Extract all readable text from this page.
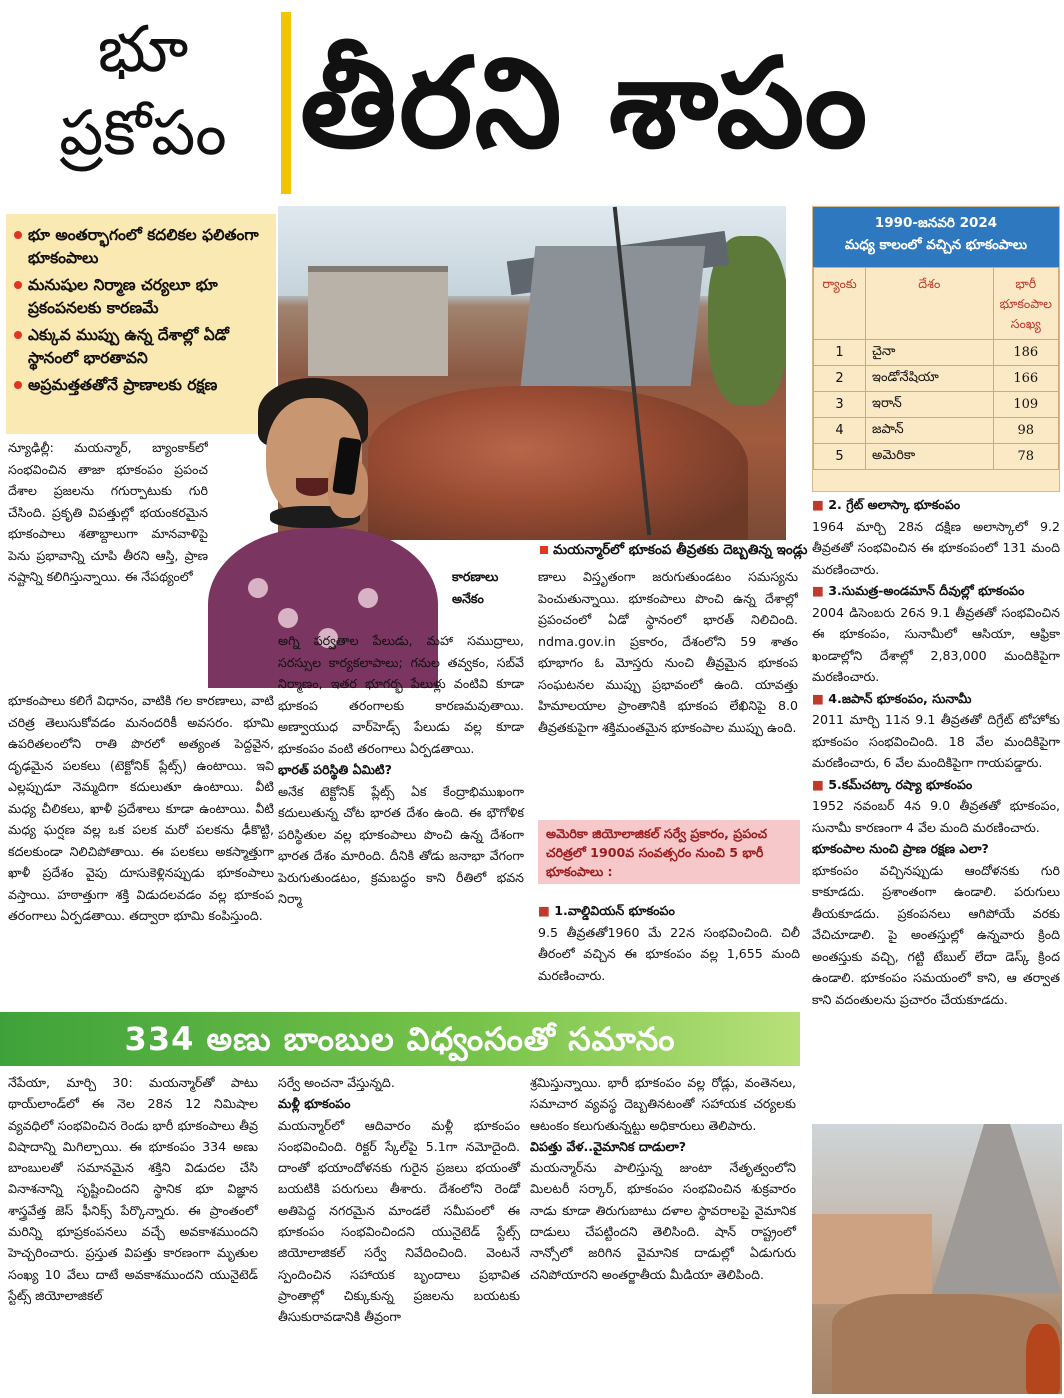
భూ
ప్రకోపం తీరని శాపం
భూ అంతర్భాగంలో కదలికల ఫలితంగా భూకంపాలు
మనుషుల నిర్మాణ చర్యలూ భూ ప్రకంపనలకు కారణమే
ఎక్కువ ముప్పు ఉన్న దేశాల్లో ఏడో స్థానంలో భారతావని
అప్రమత్తతతోనే ప్రాణాలకు రక్షణ

న్యూఢిల్లీ: మయన్మార్, బ్యాంకాక్‌లో సంభవించిన తాజా భూకంపం ప్రపంచ దేశాల ప్రజలను గగుర్పాటుకు గురి చేసింది. ప్రకృతి విపత్తుల్లో భయంకరమైన భూకంపాలు శతాబ్దాలుగా మానవాళిపై పెను ప్రభావాన్ని చూపి తీరని ఆస్తి, ప్రాణ నష్టాన్ని కలిగిస్తున్నాయి. ఈ నేపథ్యంలో

భూకంపాలు కలిగే విధానం, వాటికి గల కారణాలు, వాటి చరిత్ర తెలుసుకోవడం మనందరికీ అవసరం. భూమి ఉపరితలంలోని రాతి పొరలో అత్యంత పెద్దవైన, దృఢమైన పలకలు (టెక్టోనిక్ ప్లేట్స్) ఉంటాయి. ఇవి ఎల్లప్పుడూ నెమ్మదిగా కదులుతూ ఉంటాయి. వీటి మధ్య చీలికలు, ఖాళీ ప్రదేశాలు కూడా ఉంటాయి. వీటి మధ్య ఘర్షణ వల్ల ఒక పలక మరో పలకను ఢీకొట్టి, కదలకుండా నిలిచిపోతాయి. ఈ పలకలు అకస్మాత్తుగా ఖాళీ ప్రదేశం వైపు దూసుకెళ్లినప్పుడు భూకంపాలు వస్తాయి. హఠాత్తుగా శక్తి విడుదలవడం వల్ల భూకంప తరంగాలు ఏర్పడతాయి. తద్వారా భూమి కంపిస్తుంది.

మయన్మార్‌లో భూకంప తీవ్రతకు దెబ్బతిన్న ఇండ్లు
1990-జనవరి 2024
మధ్య కాలంలో వచ్చిన భూకంపాలు
ర్యాంకు	దేశం	భారీ భూకంపాల సంఖ్య
1	చైనా	186
2	ఇండోనేషియా	166
3	ఇరాన్	109
4	జపాన్	98
5	అమెరికా	78

కారణాలు అనేకం

అగ్ని పర్వతాల పేలుడు, మహా సముద్రాలు, సరస్సుల కార్యకలాపాలు; గనుల తవ్వకం, సబ్‌వే నిర్మాణం, ఇతర భూగర్భ పేలుళ్లు వంటివి కూడా భూకంప తరంగాలకు కారణమవుతాయి. అణ్వాయుధ వార్‌హెడ్స్ పేలుడు వల్ల కూడా భూకంపం వంటి తరంగాలు ఏర్పడతాయి.

భారత్ పరిస్థితి ఏమిటి?

అనేక టెక్టోనిక్ ప్లేట్స్ ఏక కేంద్రాభిముఖంగా కదులుతున్న చోట భారత దేశం ఉంది. ఈ భౌగోళిక పరిస్థితుల వల్ల భూకంపాలు పొంచి ఉన్న దేశంగా భారత దేశం మారింది. దీనికి తోడు జనాభా వేగంగా పెరుగుతుండటం, క్రమబద్ధం కాని రీతిలో భవన నిర్మా

ణాలు విస్తృతంగా జరుగుతుండటం సమస్యను పెంచుతున్నాయి. భూకంపాలు పొంచి ఉన్న దేశాల్లో ప్రపంచంలో ఏడో స్థానంలో భారత్ నిలిచింది. ndma.gov.in ప్రకారం, దేశంలోని 59 శాతం భూభాగం ఓ మోస్తరు నుంచి తీవ్రమైన భూకంప సంఘటనల ముప్పు ప్రభావంలో ఉంది. యావత్తు హిమాలయాల ప్రాంతానికి భూకంప లేఖినిపై 8.0 తీవ్రతకుపైగా శక్తిమంతమైన భూకంపాల ముప్పు ఉంది.

అమెరికా జియోలాజికల్ సర్వే ప్రకారం, ప్రపంచ చరిత్రలో 1900వ సంవత్సరం నుంచి 5 భారీ భూకంపాలు :

■ 1.వాల్డివియన్ భూకంపం

9.5 తీవ్రతతో1960 మే 22న సంభవించింది. చిలీ తీరంలో వచ్చిన ఈ భూకంపం వల్ల 1,655 మంది మరణించారు.

■ 2. గ్రేట్ అలాస్కా భూకంపం

1964 మార్చి 28న దక్షిణ అలాస్కాలో 9.2 తీవ్రతతో సంభవించిన ఈ భూకంపంలో 131 మంది మరణించారు.

■ 3.సుమత్ర-అండమాన్ దీవుల్లో భూకంపం

2004 డిసెంబరు 26న 9.1 తీవ్రతతో సంభవించిన ఈ భూకంపం, సునామీలో ఆసియా, ఆఫ్రికా ఖండాల్లోని దేశాల్లో 2,83,000 మందికిపైగా మరణించారు.

■ 4.జపాన్ భూకంపం, సునామీ

2011 మార్చి 11న 9.1 తీవ్రతతో దిగ్రేట్ టోహోకు భూకంపం సంభవించింది. 18 వేల మందికిపైగా మరణించారు, 6 వేల మందికిపైగా గాయపడ్డారు.

■ 5.కమ్‌చట్కా రష్యా భూకంపం

1952 నవంబర్ 4న 9.0 తీవ్రతతో భూకంపం, సునామీ కారణంగా 4 వేల మంది మరణించారు.

భూకంపాల నుంచి ప్రాణ రక్షణ ఎలా?

భూకంపం వచ్చినప్పుడు ఆందోళనకు గురి కాకూడదు. ప్రశాంతంగా ఉండాలి. పరుగులు తీయకూడదు. ప్రకంపనలు ఆగిపోయే వరకు వేచిచూడాలి. పై అంతస్తుల్లో ఉన్నవారు క్రింది అంతస్తుకు వచ్చి, గట్టి టేబుల్ లేదా డెస్క్ క్రింద ఉండాలి. భూకంపం సమయంలో కాని, ఆ తర్వాత కాని వదంతులను ప్రచారం చేయకూడదు.

334 అణు బాంబుల విధ్వంసంతో సమానం

నేపేయా, మార్చి 30: మయన్మార్‌తో పాటు థాయ్‌లాండ్‌లో ఈ నెల 28న 12 నిమిషాల వ్యవధిలో సంభవించిన రెండు భారీ భూకంపాలు తీవ్ర విషాదాన్ని మిగిల్చాయి. ఈ భూకంపం 334 అణు బాంబులతో సమానమైన శక్తిని విడుదల చేసి వినాశనాన్ని సృష్టించిందని స్థానిక భూ విజ్ఞాన శాస్త్రవేత్త జెస్ ఫీనిక్స్ పేర్కొన్నారు. ఈ ప్రాంతంలో మరిన్ని భూప్రకంపనలు వచ్చే అవకాశముందని హెచ్చరించారు. ప్రస్తుత విపత్తు కారణంగా మృతుల సంఖ్య 10 వేలు దాటే అవకాశముందని యునైటెడ్ స్టేట్స్ జియోలాజికల్

సర్వే అంచనా వేస్తున్నది.

మళ్లీ భూకంపం

మయన్మార్‌లో ఆదివారం మళ్లీ భూకంపం సంభవించింది. రిక్టర్ స్కేల్‌పై 5.1గా నమోదైంది. దాంతో భయాందోళనకు గురైన ప్రజలు భయంతో బయటికి పరుగులు తీశారు. దేశంలోని రెండో అతిపెద్ద నగరమైన మాండలే సమీపంలో ఈ భూకంపం సంభవించిందని యునైటెడ్ స్టేట్స్ జియోలాజికల్ సర్వే నివేదించింది. వెంటనే స్పందించిన సహాయక బృందాలు ప్రభావిత ప్రాంతాల్లో చిక్కుకున్న ప్రజలను బయటకు తీసుకురావడానికి తీవ్రంగా

శ్రమిస్తున్నాయి. భారీ భూకంపం వల్ల రోడ్లు, వంతెనలు, సమాచార వ్యవస్థ దెబ్బతినటంతో సహాయక చర్యలకు ఆటంకం కలుగుతున్నట్టు అధికారులు తెలిపారు.

విపత్తు వేళ..వైమానిక దాడులా?

మయన్మార్‌ను పాలిస్తున్న జుంటా నేతృత్వంలోని మిలటరీ సర్కార్, భూకంపం సంభవించిన శుక్రవారం నాడు కూడా తిరుగుబాటు దళాల స్థావరాలపై వైమానిక దాడులు చేపట్టిందని తెలిసింది. షాన్ రాష్ట్రంలో నాన్సోలో జరిగిన వైమానిక దాడుల్లో ఏడుగురు చనిపోయారని అంతర్జాతీయ మీడియా తెలిపింది.
